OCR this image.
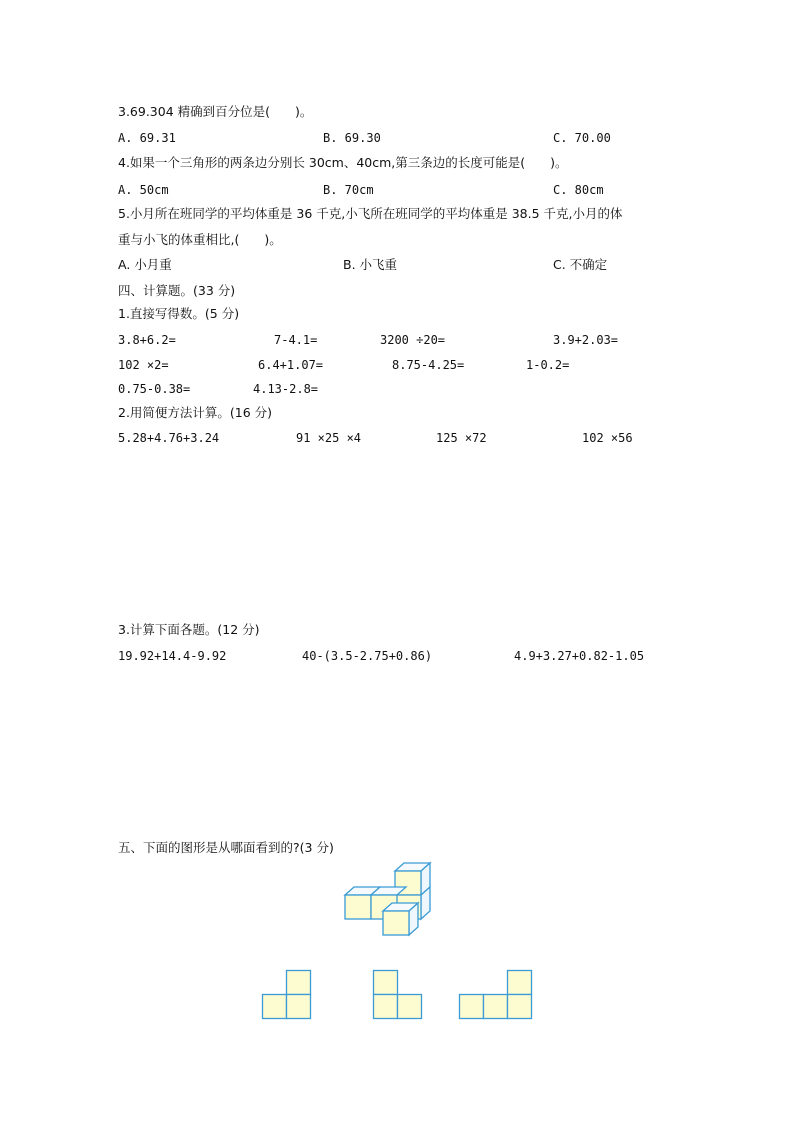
3.69.304 精确到百分位是(　　)。
A. 69.31	B. 69.30	C. 70.00
4.如果一个三角形的两条边分别长 30cm、40cm,第三条边的长度可能是(　　)。
A. 50cm	B. 70cm	C. 80cm
5.小月所在班同学的平均体重是 36 千克,小飞所在班同学的平均体重是 38.5 千克,小月的体
重与小飞的体重相比,(　　)。
A. 小月重	B. 小飞重	C. 不确定
四、计算题。(33 分)
1.直接写得数。(5 分)
3.8+6.2=	7-4.1=	3200 ÷20=	3.9+2.03=
102 ×2=	6.4+1.07=	8.75-4.25=	1-0.2=
0.75-0.38=	4.13-2.8=
2.用简便方法计算。(16 分)
5.28+4.76+3.24	91 ×25 ×4	125 ×72	102 ×56
3.计算下面各题。(12 分)
19.92+14.4-9.92	40-(3.5-2.75+0.86)	4.9+3.27+0.82-1.05
五、下面的图形是从哪面看到的?(3 分)
